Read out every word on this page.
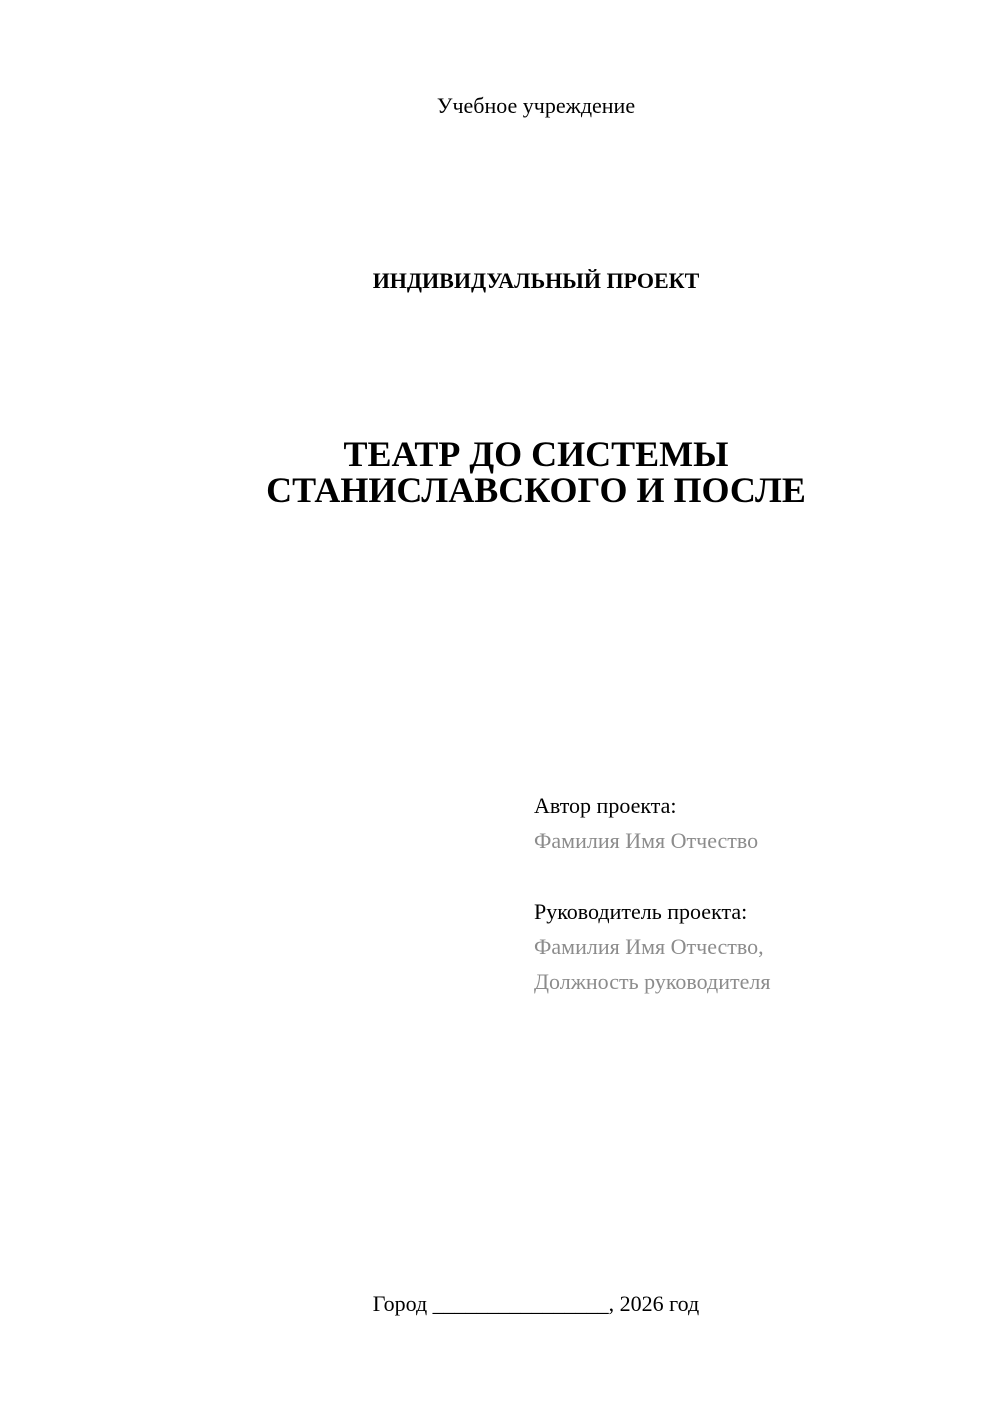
Учебное учреждение
ИНДИВИДУАЛЬНЫЙ ПРОЕКТ
ТЕАТР ДО СИСТЕМЫ
СТАНИСЛАВСКОГО И ПОСЛЕ
Автор проекта:
Фамилия Имя Отчество
Руководитель проекта:
Фамилия Имя Отчество,
Должность руководителя
Город ________________, 2026 год
